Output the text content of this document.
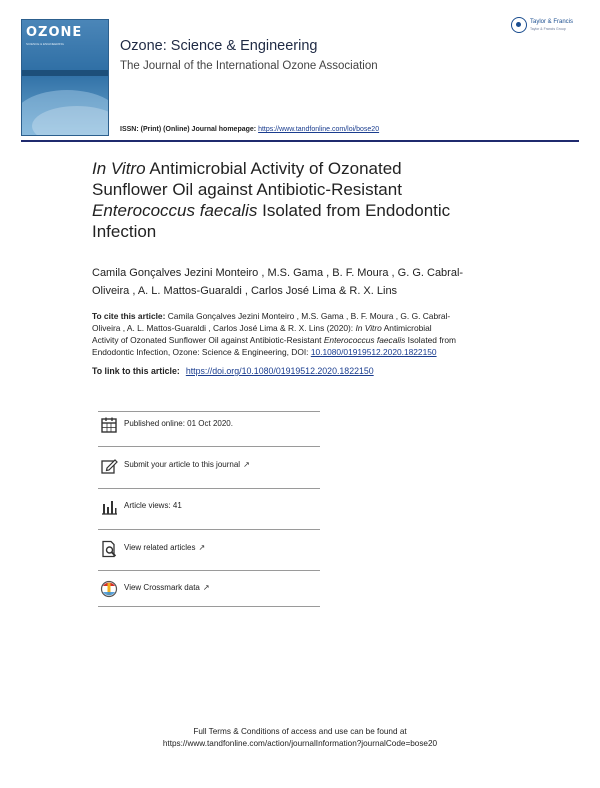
OZONE
SCIENCE & ENGINEERING	Ozone: Science & Engineering
The Journal of the International Ozone Association
Taylor & Francis
Taylor & Francis Group
ISSN: (Print) (Online) Journal homepage: https://www.tandfonline.com/loi/bose20
In Vitro Antimicrobial Activity of Ozonated
Sunflower Oil against Antibiotic-Resistant
Enterococcus faecalis Isolated from Endodontic
Infection
Camila Gonçalves Jezini Monteiro , M.S. Gama , B. F. Moura , G. G. Cabral-
Oliveira , A. L. Mattos-Guaraldi , Carlos José Lima & R. X. Lins
To cite this article: Camila Gonçalves Jezini Monteiro , M.S. Gama , B. F. Moura , G. G. Cabral-
Oliveira , A. L. Mattos-Guaraldi , Carlos José Lima & R. X. Lins (2020): In Vitro Antimicrobial
Activity of Ozonated Sunflower Oil against Antibiotic-Resistant Enterococcus faecalis Isolated from
Endodontic Infection, Ozone: Science & Engineering, DOI: 10.1080/01919512.2020.1822150
To link to this article: https://doi.org/10.1080/01919512.2020.1822150
Published online: 01 Oct 2020.
Submit your article to this journal ↗
Article views: 41
View related articles ↗
View Crossmark data ↗
Full Terms & Conditions of access and use can be found at
https://www.tandfonline.com/action/journalInformation?journalCode=bose20
